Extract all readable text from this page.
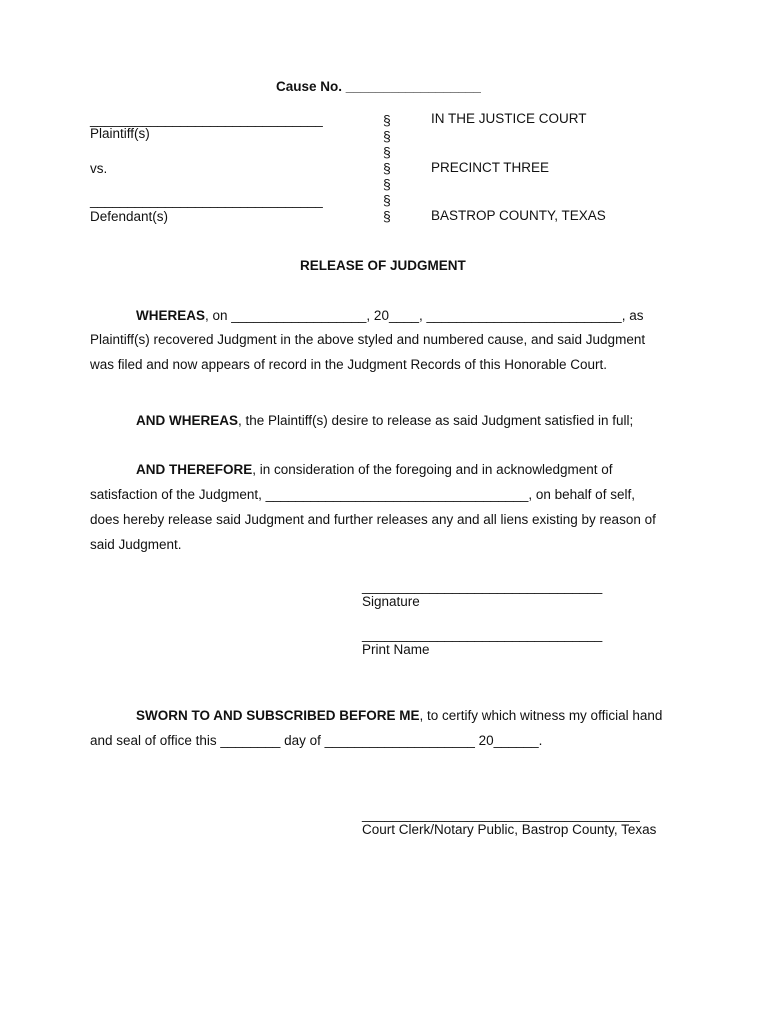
Cause No. __________________
_______________________________
Plaintiff(s)
vs.
_______________________________
Defendant(s)
§
§
§
§
§
§
§
IN THE JUSTICE COURT
PRECINCT THREE
BASTROP COUNTY, TEXAS
RELEASE OF JUDGMENT
WHEREAS, on __________________, 20____, __________________________, as
Plaintiff(s) recovered Judgment in the above styled and numbered cause, and said Judgment
was filed and now appears of record in the Judgment Records of this Honorable Court.
AND WHEREAS, the Plaintiff(s) desire to release as said Judgment satisfied in full;
AND THEREFORE, in consideration of the foregoing and in acknowledgment of
satisfaction of the Judgment, ___________________________________, on behalf of self,
does hereby release said Judgment and further releases any and all liens existing by reason of
said Judgment.
________________________________
Signature
________________________________
Print Name
SWORN TO AND SUBSCRIBED BEFORE ME, to certify which witness my official hand
and seal of office this ________ day of ____________________ 20______.
_____________________________________
Court Clerk/Notary Public, Bastrop County, Texas
